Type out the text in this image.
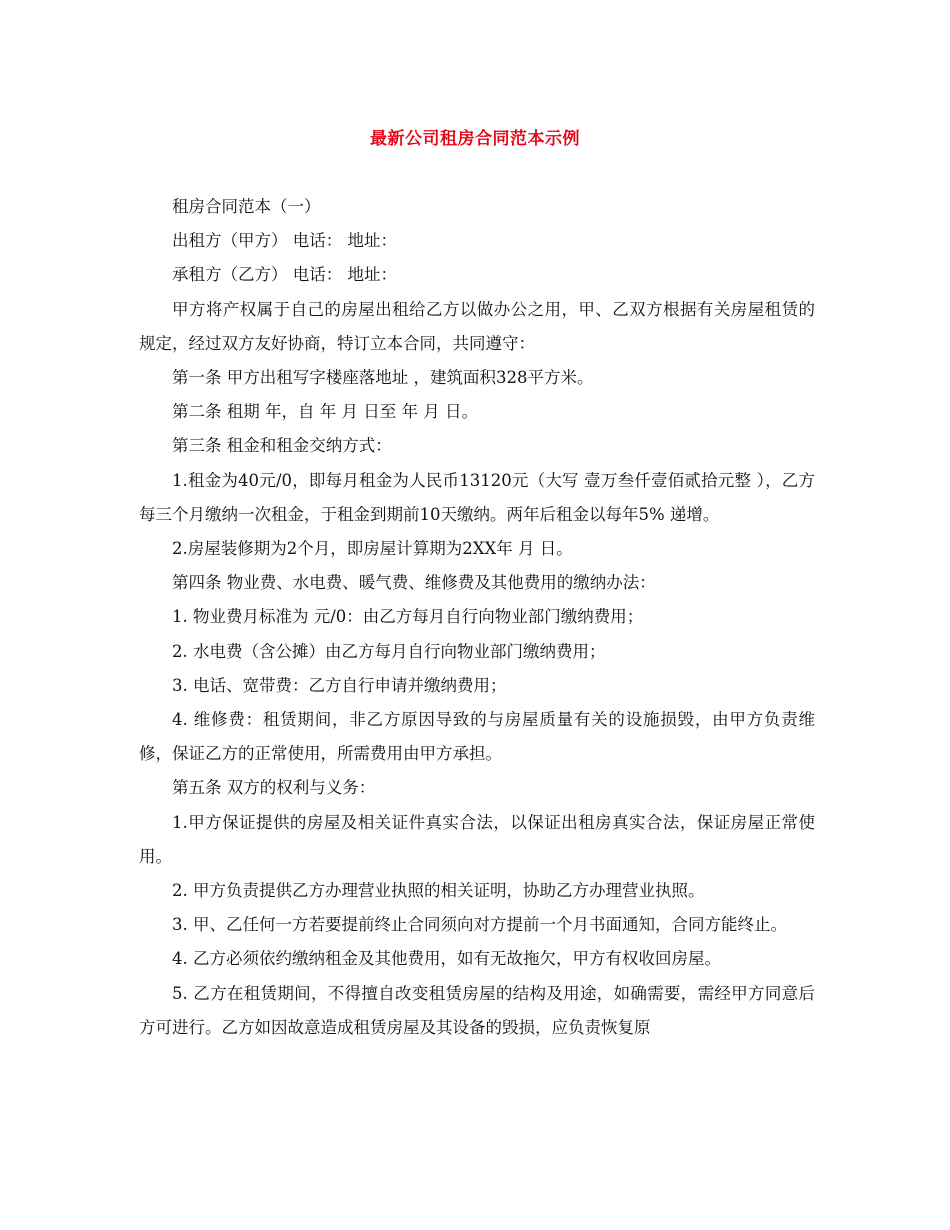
最新公司租房合同范本示例

租房合同范本（一）

出租方（甲方） 电话： 地址：

承租方（乙方） 电话： 地址：

甲方将产权属于自己的房屋出租给乙方以做办公之用，甲、乙双方根据有关房屋租赁的规定，经过双方友好协商，特订立本合同，共同遵守：

第一条 甲方出租写字楼座落地址 ，建筑面积328平方米。

第二条 租期 年，自 年 月 日至 年 月 日。

第三条 租金和租金交纳方式：

1.租金为40元/0，即每月租金为人民币13120元（大写 壹万叁仟壹佰贰拾元整 ），乙方每三个月缴纳一次租金，于租金到期前10天缴纳。两年后租金以每年5% 递增。

2.房屋装修期为2个月，即房屋计算期为2XX年 月 日。

第四条 物业费、水电费、暖气费、维修费及其他费用的缴纳办法：

1. 物业费月标准为 元/0：由乙方每月自行向物业部门缴纳费用；

2. 水电费（含公摊）由乙方每月自行向物业部门缴纳费用；

3. 电话、宽带费：乙方自行申请并缴纳费用；

4. 维修费：租赁期间，非乙方原因导致的与房屋质量有关的设施损毁，由甲方负责维修，保证乙方的正常使用，所需费用由甲方承担。

第五条 双方的权利与义务：

1.甲方保证提供的房屋及相关证件真实合法，以保证出租房真实合法，保证房屋正常使用。

2. 甲方负责提供乙方办理营业执照的相关证明，协助乙方办理营业执照。

3. 甲、乙任何一方若要提前终止合同须向对方提前一个月书面通知，合同方能终止。

4. 乙方必须依约缴纳租金及其他费用，如有无故拖欠，甲方有权收回房屋。

5. 乙方在租赁期间，不得擅自改变租赁房屋的结构及用途，如确需要，需经甲方同意后方可进行。乙方如因故意造成租赁房屋及其设备的毁损，应负责恢复原
